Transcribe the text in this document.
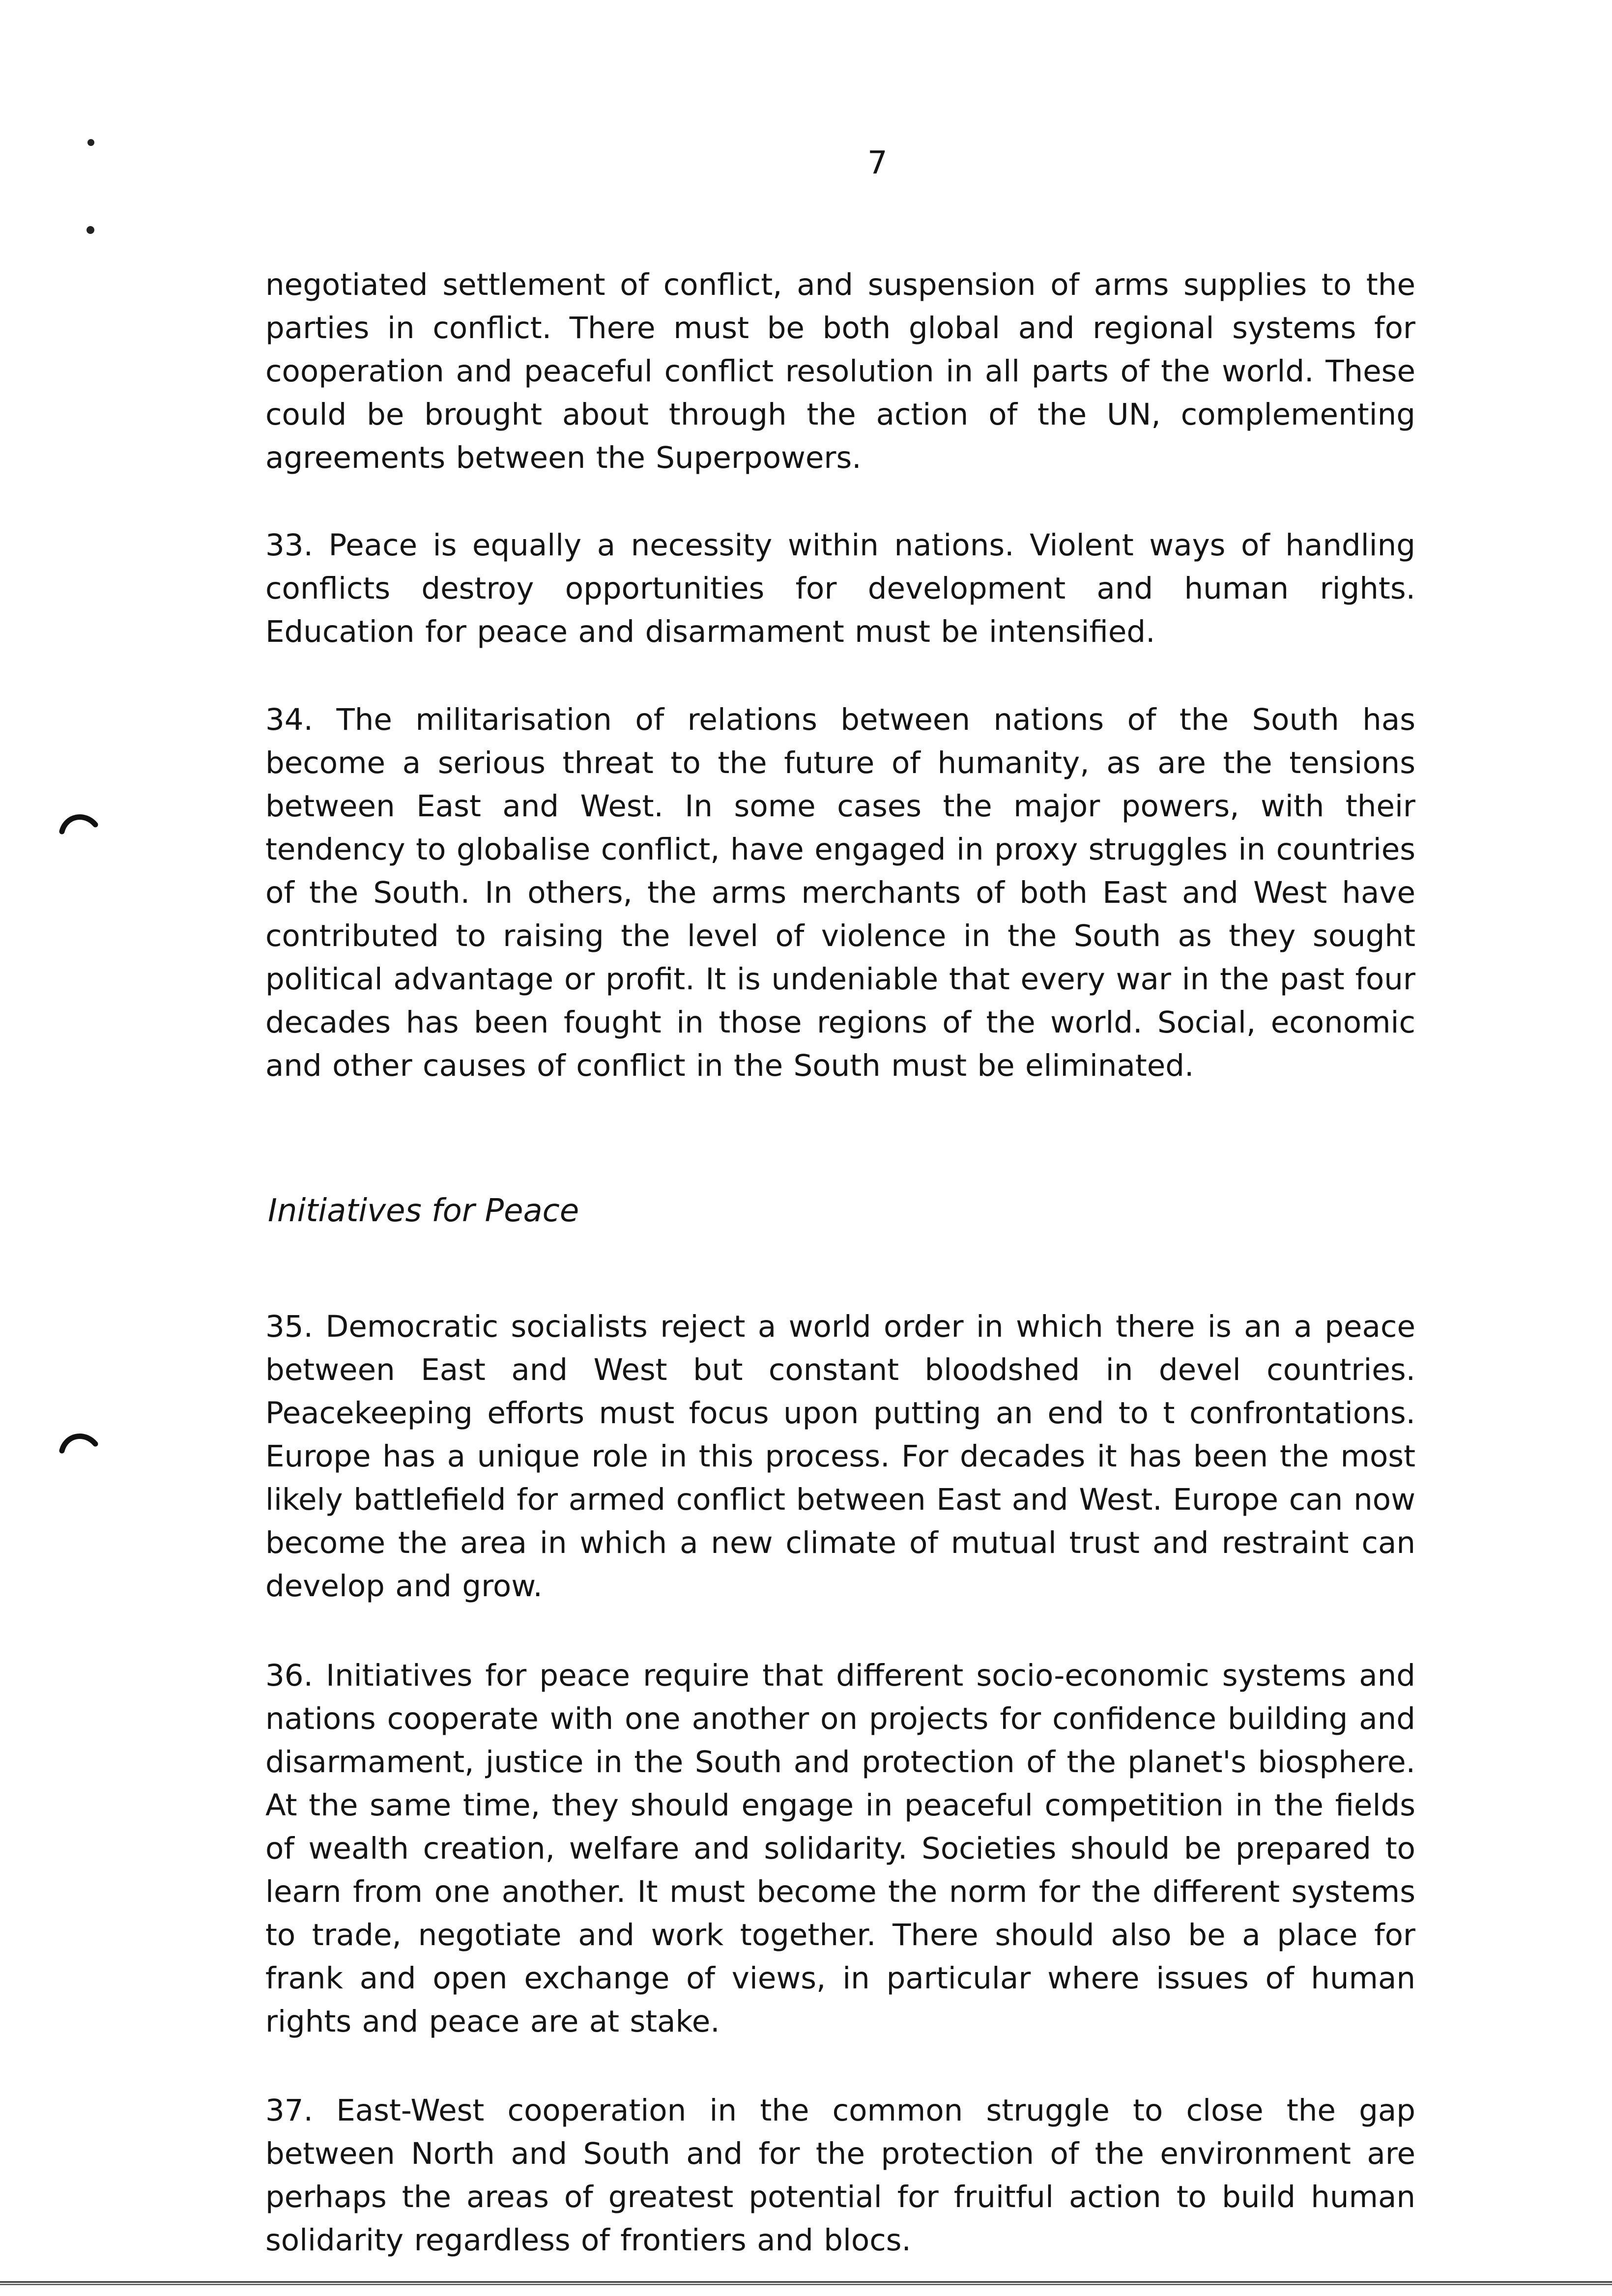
7

negotiated settlement of conflict, and suspension of arms supplies to the parties in conflict. There must be both global and regional systems for cooperation and peaceful conflict resolution in all parts of the world. These could be brought about through the action of the UN, complementing agreements between the Superpowers.

33. Peace is equally a necessity within nations. Violent ways of handling conflicts destroy opportunities for development and human rights. Education for peace and disarmament must be intensified.

34. The militarisation of relations between nations of the South has become a serious threat to the future of humanity, as are the tensions between East and West. In some cases the major powers, with their tendency to globalise conflict, have engaged in proxy struggles in countries of the South. In others, the arms merchants of both East and West have contributed to raising the level of violence in the South as they sought political advantage or profit. It is undeniable that every war in the past four decades has been fought in those regions of the world. Social, economic and other causes of conflict in the South must be eliminated.

Initiatives for Peace

35. Democratic socialists reject a world order in which there is an a peace between East and West but constant bloodshed in devel countries. Peacekeeping efforts must focus upon putting an end to t confrontations. Europe has a unique role in this process. For decades it has been the most likely battlefield for armed conflict between East and West. Europe can now become the area in which a new climate of mutual trust and restraint can develop and grow.

36. Initiatives for peace require that different socio-economic systems and nations cooperate with one another on projects for confidence building and disarmament, justice in the South and protection of the planet's biosphere. At the same time, they should engage in peaceful competition in the fields of wealth creation, welfare and solidarity. Societies should be prepared to learn from one another. It must become the norm for the different systems to trade, negotiate and work together. There should also be a place for frank and open exchange of views, in particular where issues of human rights and peace are at stake.

37. East-West cooperation in the common struggle to close the gap between North and South and for the protection of the environment are perhaps the areas of greatest potential for fruitful action to build human solidarity regardless of frontiers and blocs.
